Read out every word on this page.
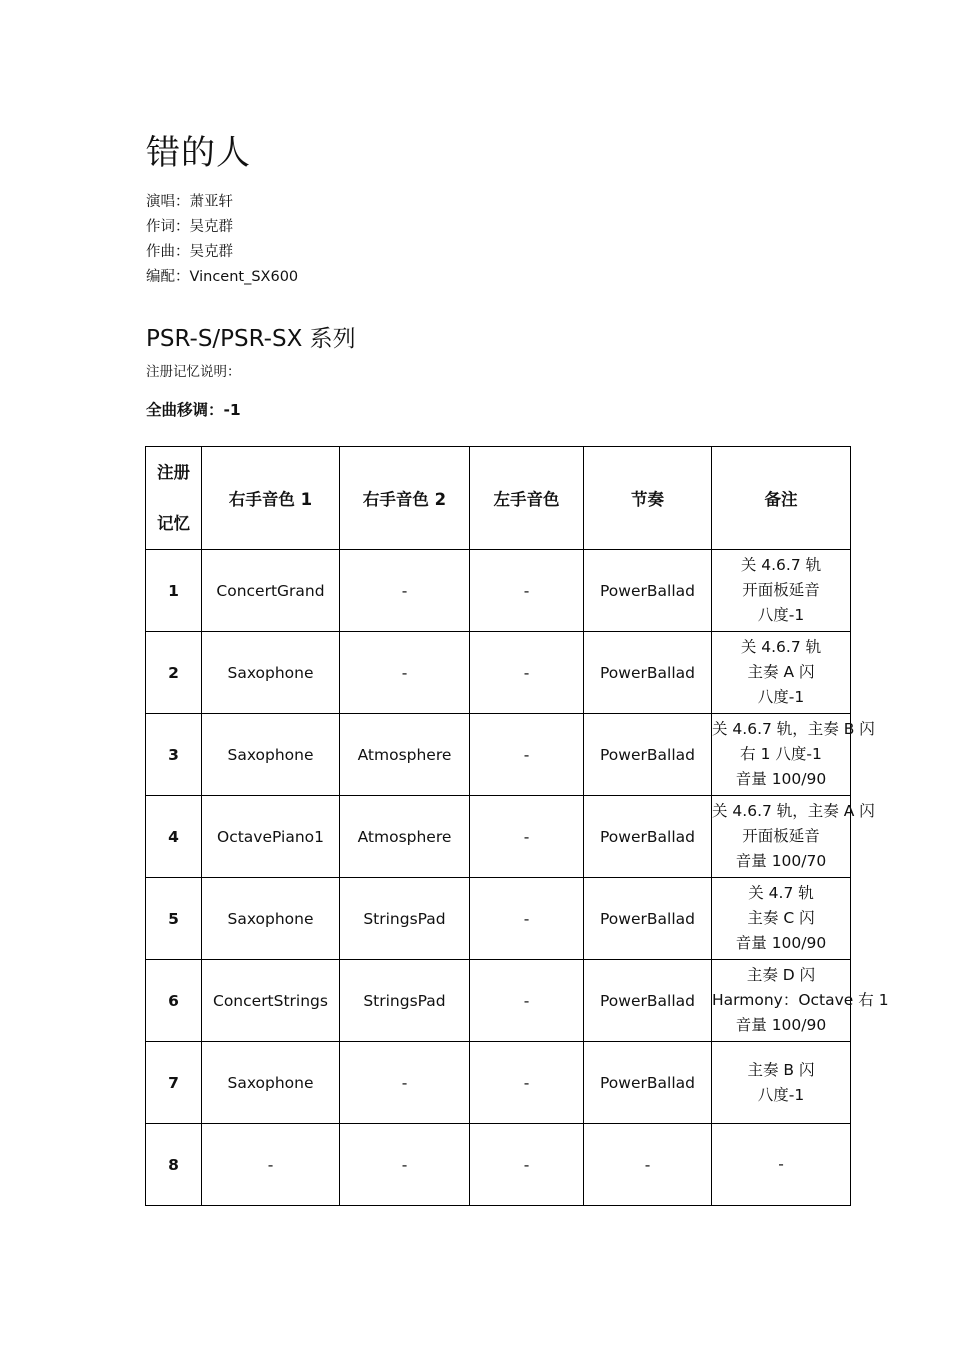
错的人

演唱：萧亚轩

作词：吴克群

作曲：吴克群

编配：Vincent_SX600

PSR-S/PSR-SX 系列

注册记忆说明：

全曲移调：-1

注册
记忆	右手音色 1	右手音色 2	左手音色	节奏	备注
1	ConcertGrand	-	-	PowerBallad	关 4.6.7 轨
开面板延音
八度-1

2	Saxophone	-	-	PowerBallad	关 4.6.7 轨
主奏 A 闪
八度-1

3	Saxophone	Atmosphere	-	PowerBallad	关 4.6.7 轨，主奏 B 闪
右 1 八度-1
音量 100/90

4	OctavePiano1	Atmosphere	-	PowerBallad	关 4.6.7 轨，主奏 A 闪
开面板延音
音量 100/70

5	Saxophone	StringsPad	-	PowerBallad	关 4.7 轨
主奏 C 闪
音量 100/90

6	ConcertStrings	StringsPad	-	PowerBallad	主奏 D 闪
Harmony：Octave 右 1
音量 100/90

7	Saxophone	-	-	PowerBallad	主奏 B 闪
八度-1

8	-	-	-	-	-
